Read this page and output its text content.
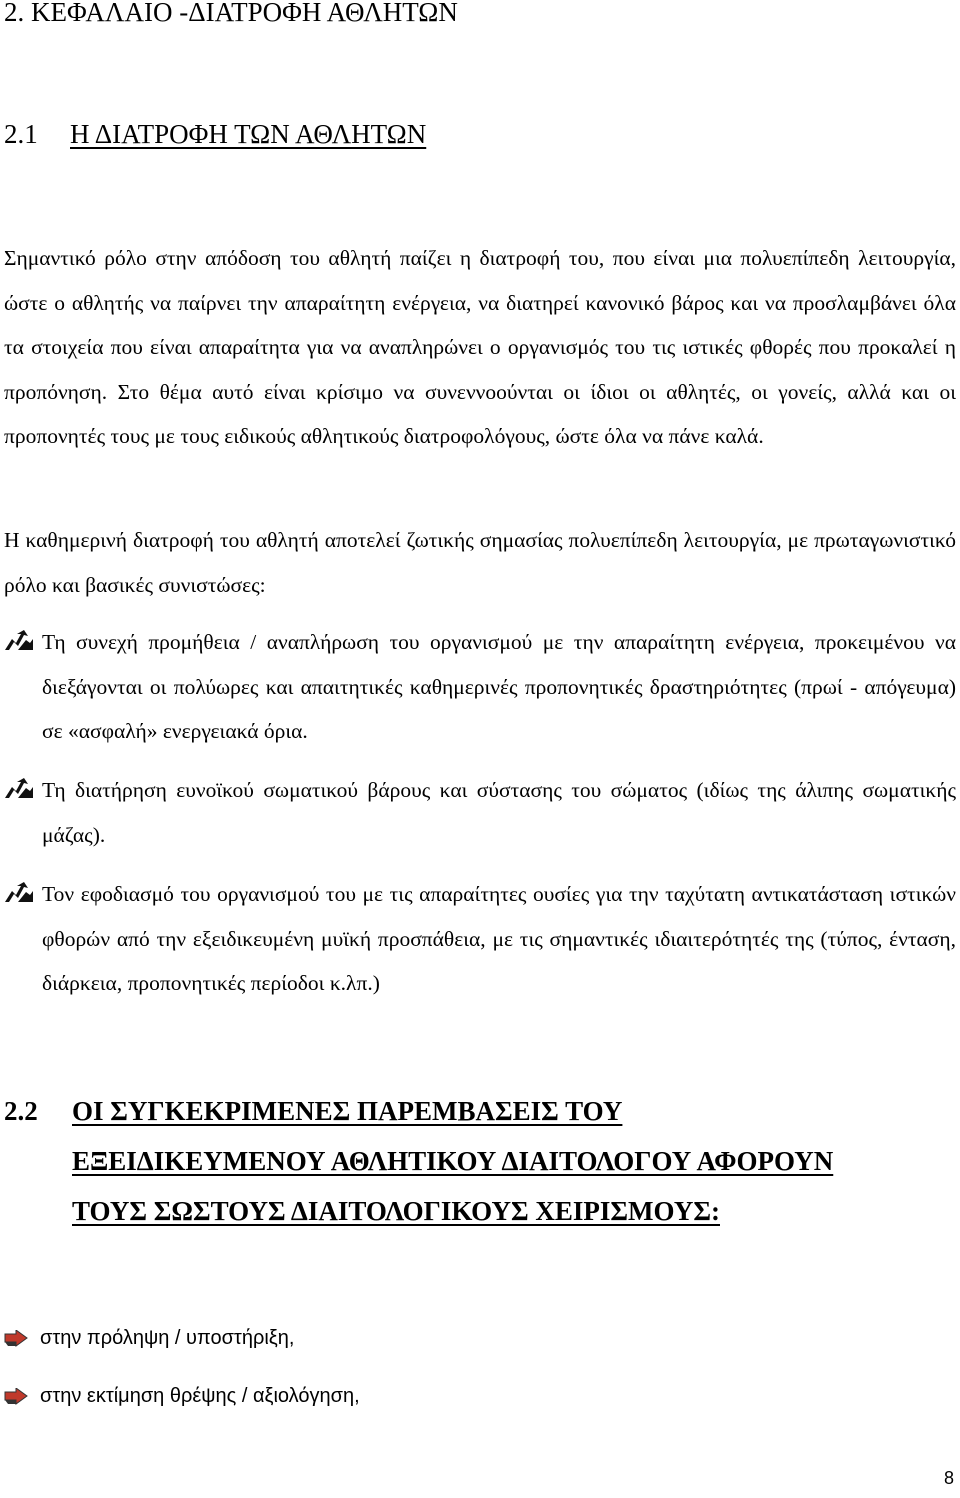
2. ΚΕΦΑΛΑΙΟ -ΔΙΑΤΡΟΦΗ ΑΘΛΗΤΩΝ
2.1 Η ΔΙΑΤΡΟΦΗ ΤΩΝ ΑΘΛΗΤΩΝ

Σημαντικό ρόλο στην απόδοση του αθλητή παίζει η διατροφή του, που είναι μια πολυεπίπεδη λειτουργία, ώστε ο αθλητής να παίρνει την απαραίτητη ενέργεια, να διατηρεί κανονικό βάρος και να προσλαμβάνει όλα τα στοιχεία που είναι απαραίτητα για να αναπληρώνει ο οργανισμός του τις ιστικές φθορές που προκαλεί η προπόνηση. Στο θέμα αυτό είναι κρίσιμο να συνεννοούνται οι ίδιοι οι αθλητές, οι γονείς, αλλά και οι προπονητές τους με τους ειδικούς αθλητικούς διατροφολόγους, ώστε όλα να πάνε καλά.

Η καθημερινή διατροφή του αθλητή αποτελεί ζωτικής σημασίας πολυεπίπεδη λειτουργία, με πρωταγωνιστικό ρόλο και βασικές συνιστώσες:

Τη συνεχή προμήθεια / αναπλήρωση του οργανισμού με την απαραίτητη ενέργεια, προκειμένου να διεξάγονται οι πολύωρες και απαιτητικές καθημερινές προπονητικές δραστηριότητες (πρωί - απόγευμα) σε «ασφαλή» ενεργειακά όρια.

Τη διατήρηση ευνοϊκού σωματικού βάρους και σύστασης του σώματος (ιδίως της άλιπης σωματικής μάζας).

Τον εφοδιασμό του οργανισμού του με τις απαραίτητες ουσίες για την ταχύτατη αντικατάσταση ιστικών φθορών από την εξειδικευμένη μυϊκή προσπάθεια, με τις σημαντικές ιδιαιτερότητές της (τύπος, ένταση, διάρκεια, προπονητικές περίοδοι κ.λπ.)

2.2 ΟΙ ΣΥΓΚΕΚΡΙΜΕΝΕΣ ΠΑΡΕΜΒΑΣΕΙΣ ΤΟΥ
ΕΞΕΙΔΙΚΕΥΜΕΝΟΥ ΑΘΛΗΤΙΚΟΥ ΔΙΑΙΤΟΛΟΓΟΥ ΑΦΟΡΟΥΝ
ΤΟΥΣ ΣΩΣΤΟΥΣ ΔΙΑΙΤΟΛΟΓΙΚΟΥΣ ΧΕΙΡΙΣΜΟΥΣ:
στην πρόληψη / υποστήριξη,
στην εκτίμηση θρέψης / αξιολόγηση,
8
